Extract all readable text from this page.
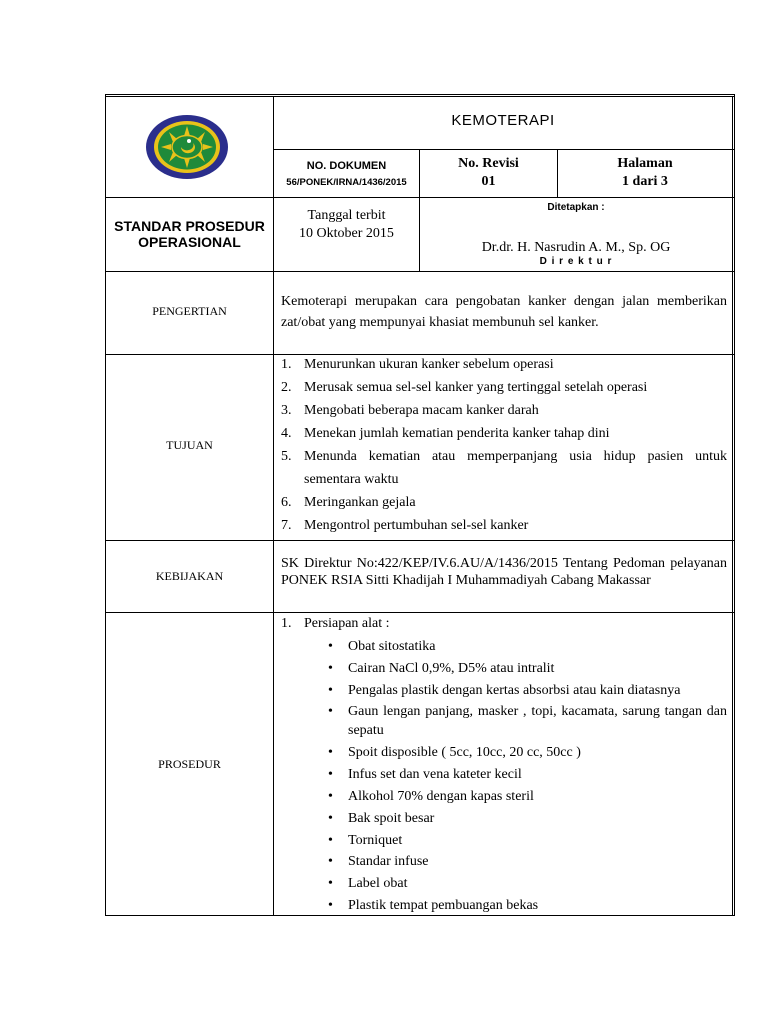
KEMOTERAPI
NO. DOKUMEN
56/PONEK/IRNA/1436/2015
No. Revisi
01
Halaman
1 dari 3
STANDAR PROSEDUR
OPERASIONAL
Tanggal terbit
10 Oktober 2015
Ditetapkan :
Dr.dr. H. Nasrudin A. M., Sp. OG
D i r e k t u r
PENGERTIAN
Kemoterapi merupakan cara pengobatan kanker dengan jalan memberikan zat/obat yang mempunyai khasiat membunuh sel kanker.
TUJUAN
1. Menurunkan ukuran kanker sebelum operasi
2. Merusak semua sel-sel kanker yang tertinggal setelah operasi
3. Mengobati beberapa macam kanker darah
4. Menekan jumlah kematian penderita kanker tahap dini
5. Menunda kematian atau memperpanjang usia hidup pasien untuk sementara waktu
6. Meringankan gejala
7. Mengontrol pertumbuhan sel-sel kanker
KEBIJAKAN
SK Direktur No:422/KEP/IV.6.AU/A/1436/2015 Tentang Pedoman pelayanan PONEK RSIA Sitti Khadijah I Muhammadiyah Cabang Makassar
PROSEDUR
1. Persiapan alat :
• Obat sitostatika
• Cairan NaCl 0,9%, D5% atau intralit
• Pengalas plastik dengan kertas absorbsi atau kain diatasnya
• Gaun lengan panjang, masker , topi, kacamata, sarung tangan dan sepatu
• Spoit disposible ( 5cc, 10cc, 20 cc, 50cc )
• Infus set dan vena kateter kecil
• Alkohol 70% dengan kapas steril
• Bak spoit besar
• Torniquet
• Standar infuse
• Label obat
• Plastik tempat pembuangan bekas
